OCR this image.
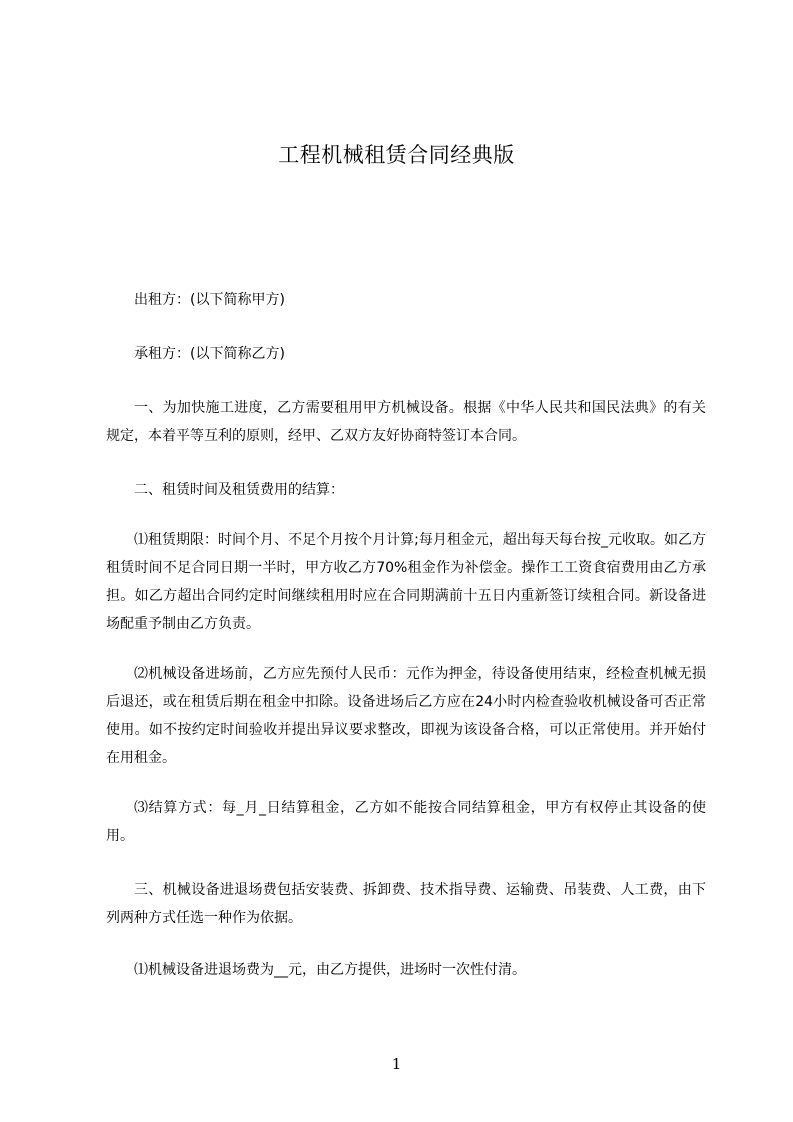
工程机械租赁合同经典版

出租方：(以下简称甲方)

承租方：(以下简称乙方)

一、为加快施工进度，乙方需要租用甲方机械设备。根据《中华人民共和国民法典》的有关规定，本着平等互利的原则，经甲、乙双方友好协商特签订本合同。

二、租赁时间及租赁费用的结算：

⑴租赁期限：时间个月、不足个月按个月计算;每月租金元，超出每天每台按_元收取。如乙方租赁时间不足合同日期一半时，甲方收乙方70%租金作为补偿金。操作工工资食宿费用由乙方承担。如乙方超出合同约定时间继续租用时应在合同期满前十五日内重新签订续租合同。新设备进场配重予制由乙方负责。

⑵机械设备进场前，乙方应先预付人民币：元作为押金，待设备使用结束，经检查机械无损后退还，或在租赁后期在租金中扣除。设备进场后乙方应在24小时内检查验收机械设备可否正常使用。如不按约定时间验收并提出异议要求整改，即视为该设备合格，可以正常使用。并开始付在用租金。

⑶结算方式：每_月_日结算租金，乙方如不能按合同结算租金，甲方有权停止其设备的使用。

三、机械设备进退场费包括安装费、拆卸费、技术指导费、运输费、吊装费、人工费，由下列两种方式任选一种作为依据。

⑴机械设备进退场费为__元，由乙方提供，进场时一次性付清。

1
